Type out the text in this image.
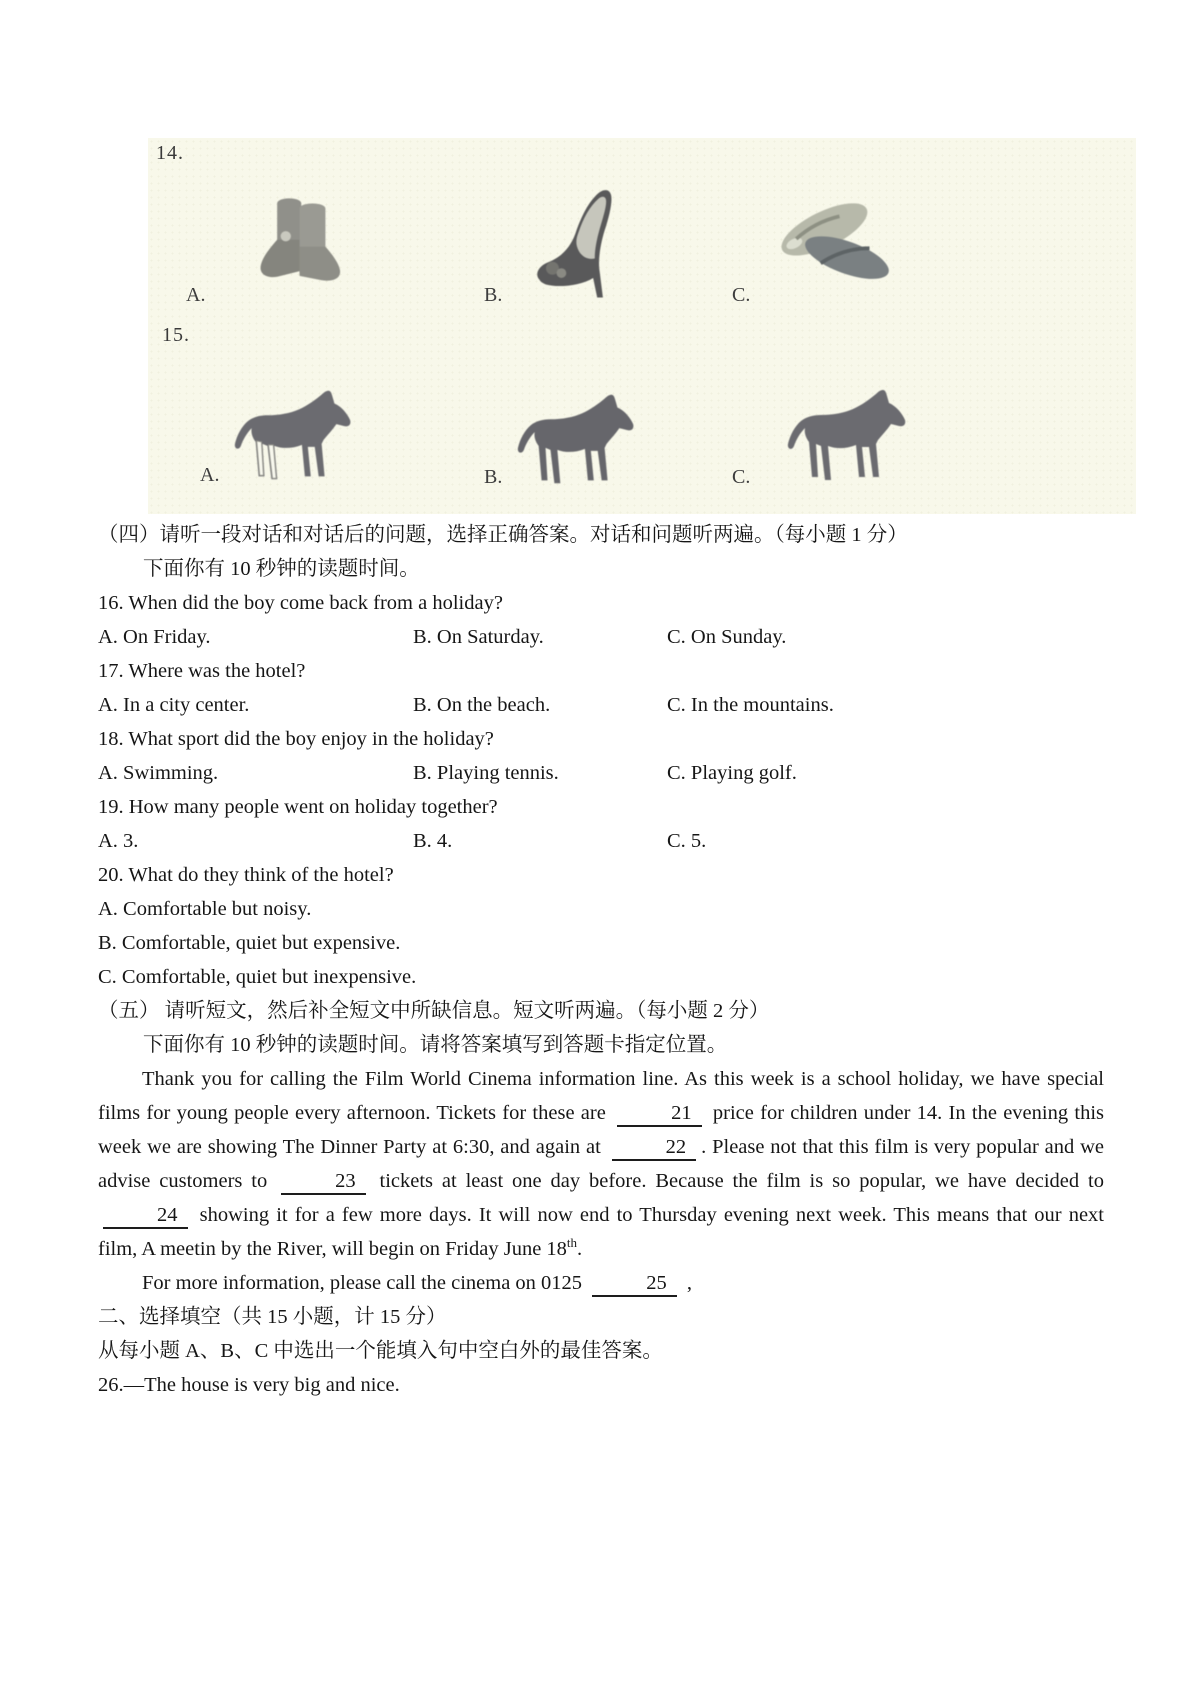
14.
A.	B.	C.
15.
A.	B.	C.
（四）请听一段对话和对话后的问题，选择正确答案。对话和问题听两遍。（每小题 1 分）
下面你有 10 秒钟的读题时间。
16. When did the boy come back from a holiday?
A. On Friday.	B. On Saturday.	C. On Sunday.
17. Where was the hotel?
A. In a city center.	B. On the beach.	C. In the mountains.
18. What sport did the boy enjoy in the holiday?
A. Swimming.	B. Playing tennis.	C. Playing golf.
19. How many people went on holiday together?
A. 3.	B. 4.	C. 5.
20. What do they think of the hotel?
A. Comfortable but noisy.
B. Comfortable, quiet but expensive.
C. Comfortable, quiet but inexpensive.
（五） 请听短文，然后补全短文中所缺信息。短文听两遍。（每小题 2 分）
下面你有 10 秒钟的读题时间。请将答案填写到答题卡指定位置。

Thank you for calling the Film World Cinema information line. As this week is a school holiday, we have special films for young people every afternoon. Tickets for these are	21 price for children under 14. In the evening this week we are showing The Dinner Party at 6:30, and again at	22 . Please not that this film is very popular and we advise customers to	23 tickets at least one day before. Because the film is so popular, we have decided to 24 showing it for a few more days. It will now end to Thursday evening next week. This means that our next film, A meetin by the River, will begin on Friday June 18th.

For more information, please call the cinema on 0125	25 ,

二、选择填空（共 15 小题，计 15 分）
从每小题 A、B、C 中选出一个能填入句中空白外的最佳答案。
26.—The house is very big and nice.
